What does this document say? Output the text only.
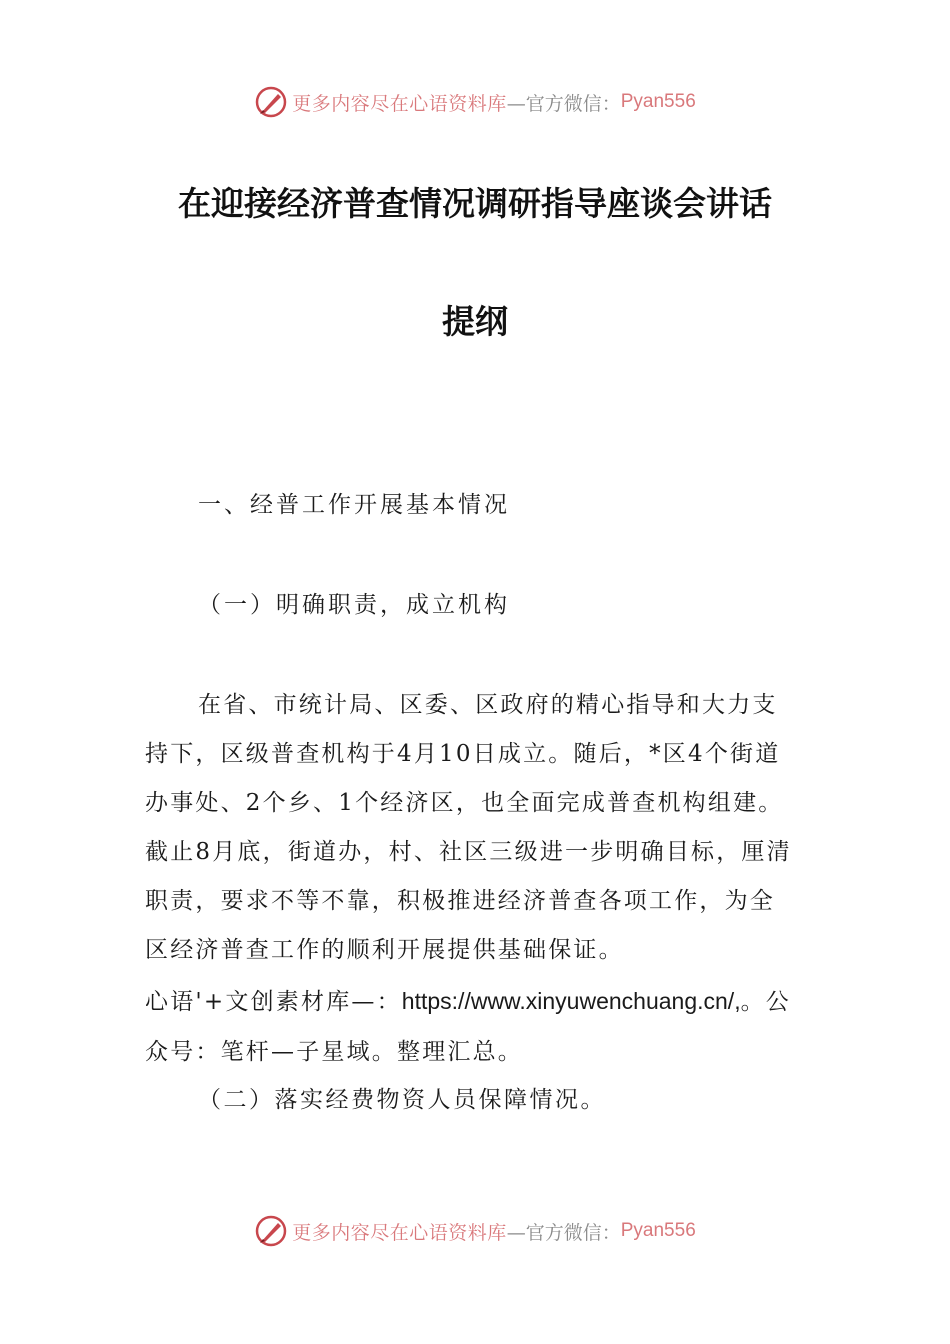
更多内容尽在心语资料库 —官方微信： Pyan556
在迎接经济普查情况调研指导座谈会讲话
提纲
一、经普工作开展基本情况
（一）明确职责，成立机构
在省、市统计局、区委、区政府的精心指导和大力支
持下，区级普查机构于4月10日成立。随后，*区4个街道
办事处、2个乡、1个经济区，也全面完成普查机构组建。
截止8月底，街道办，村、社区三级进一步明确目标，厘清
职责，要求不等不靠，积极推进经济普查各项工作，为全
区经济普查工作的顺利开展提供基础保证。
心语'+文创素材库—：https://www.xinyuwenchuang.cn/,。公
众号：笔杆—子星域。整理汇总。
（二）落实经费物资人员保障情况。
更多内容尽在心语资料库 —官方微信： Pyan556
